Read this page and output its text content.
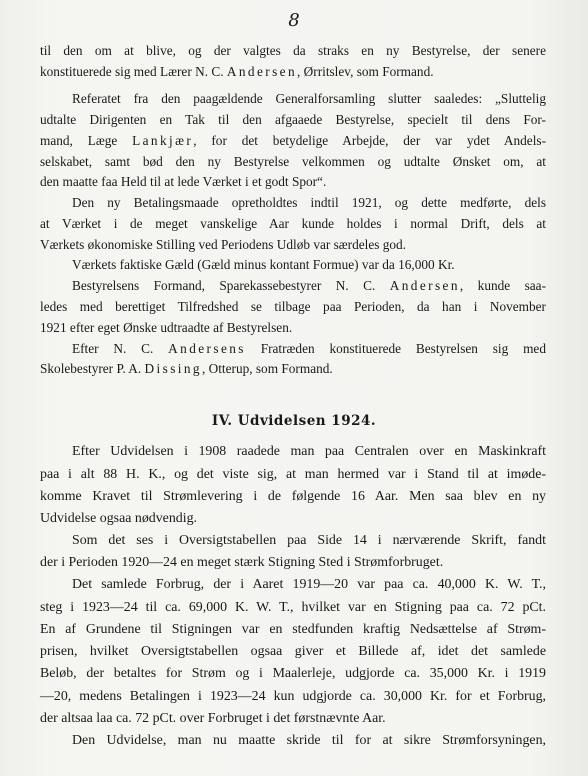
8
til den om at blive, og der valgtes da straks en ny Bestyrelse, der senere
konstituerede sig med Lærer N. C. Andersen, Ørritslev, som Formand.
Referatet fra den paagældende Generalforsamling slutter saaledes: „Sluttelig
udtalte Dirigenten en Tak til den afgaaede Bestyrelse, specielt til dens For-
mand, Læge Lankjær, for det betydelige Arbejde, der var ydet Andels-
selskabet, samt bød den ny Bestyrelse velkommen og udtalte Ønsket om, at
den maatte faa Held til at lede Værket i et godt Spor“.
Den ny Betalingsmaade opretholdtes indtil 1921, og dette medførte, dels
at Værket i de meget vanskelige Aar kunde holdes i normal Drift, dels at
Værkets økonomiske Stilling ved Periodens Udløb var særdeles god.
Værkets faktiske Gæld (Gæld minus kontant Formue) var da 16,000 Kr.
Bestyrelsens Formand, Sparekassebestyrer N. C. Andersen, kunde saa-
ledes med berettiget Tilfredshed se tilbage paa Perioden, da han i November
1921 efter eget Ønske udtraadte af Bestyrelsen.
Efter N. C. Andersens Fratræden konstituerede Bestyrelsen sig med
Skolebestyrer P. A. Dissing, Otterup, som Formand.
IV. Udvidelsen 1924.
Efter Udvidelsen i 1908 raadede man paa Centralen over en Maskinkraft
paa i alt 88 H. K., og det viste sig, at man hermed var i Stand til at imøde-
komme Kravet til Strømlevering i de følgende 16 Aar. Men saa blev en ny
Udvidelse ogsaa nødvendig.
Som det ses i Oversigtstabellen paa Side 14 i nærværende Skrift, fandt
der i Perioden 1920—24 en meget stærk Stigning Sted i Strømforbruget.
Det samlede Forbrug, der i Aaret 1919—20 var paa ca. 40,000 K. W. T.,
steg i 1923—24 til ca. 69,000 K. W. T., hvilket var en Stigning paa ca. 72 pCt.
En af Grundene til Stigningen var en stedfunden kraftig Nedsættelse af Strøm-
prisen, hvilket Oversigtstabellen ogsaa giver et Billede af, idet det samlede
Beløb, der betaltes for Strøm og i Maalerleje, udgjorde ca. 35,000 Kr. i 1919
—20, medens Betalingen i 1923—24 kun udgjorde ca. 30,000 Kr. for et Forbrug,
der altsaa laa ca. 72 pCt. over Forbruget i det førstnævnte Aar.
Den Udvidelse, man nu maatte skride til for at sikre Strømforsyningen,
